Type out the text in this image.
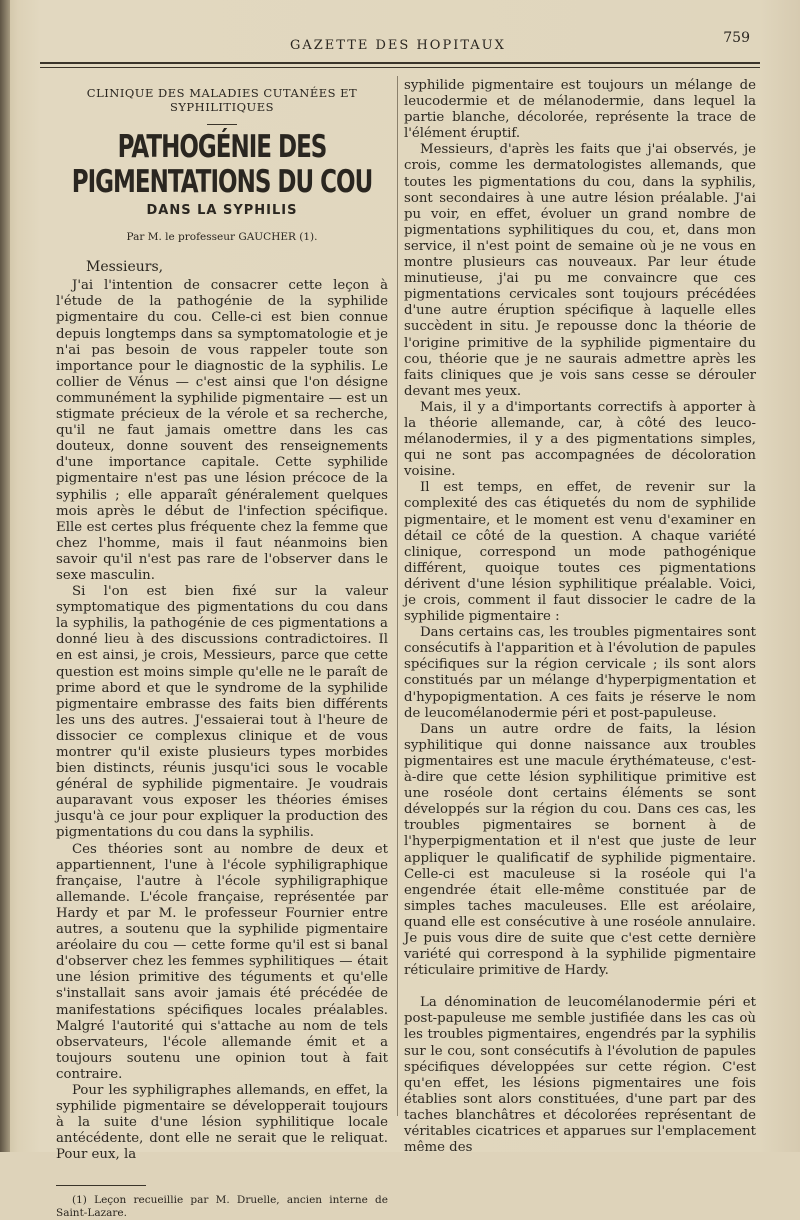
GAZETTE DES HOPITAUX	759
CLINIQUE DES MALADIES CUTANÉES ET SYPHILITIQUES
PATHOGÉNIE DES PIGMENTATIONS DU COU
DANS LA SYPHILIS
Par M. le professeur GAUCHER (1).
Messieurs,

J'ai l'intention de consacrer cette leçon à l'étude de la pathogénie de la syphilide pigmentaire du cou. Celle-ci est bien connue depuis longtemps dans sa symptomatologie et je n'ai pas besoin de vous rappeler toute son importance pour le diagnostic de la syphilis. Le collier de Vénus — c'est ainsi que l'on désigne communément la syphilide pigmentaire — est un stigmate précieux de la vérole et sa recherche, qu'il ne faut jamais omettre dans les cas douteux, donne souvent des renseignements d'une importance capitale. Cette syphilide pigmentaire n'est pas une lésion précoce de la syphilis ; elle apparaît généralement quelques mois après le début de l'infection spécifique. Elle est certes plus fréquente chez la femme que chez l'homme, mais il faut néanmoins bien savoir qu'il n'est pas rare de l'observer dans le sexe masculin.

Si l'on est bien fixé sur la valeur symptomatique des pigmentations du cou dans la syphilis, la pathogénie de ces pigmentations a donné lieu à des discussions contradictoires. Il en est ainsi, je crois, Messieurs, parce que cette question est moins simple qu'elle ne le paraît de prime abord et que le syndrome de la syphilide pigmentaire embrasse des faits bien différents les uns des autres. J'essaierai tout à l'heure de dissocier ce complexus clinique et de vous montrer qu'il existe plusieurs types morbides bien distincts, réunis jusqu'ici sous le vocable général de syphilide pigmentaire. Je voudrais auparavant vous exposer les théories émises jusqu'à ce jour pour expliquer la production des pigmentations du cou dans la syphilis.

Ces théories sont au nombre de deux et appartiennent, l'une à l'école syphiligraphique française, l'autre à l'école syphiligraphique allemande. L'école française, représentée par Hardy et par M. le professeur Fournier entre autres, a soutenu que la syphilide pigmentaire aréolaire du cou — cette forme qu'il est si banal d'observer chez les femmes syphilitiques — était une lésion primitive des téguments et qu'elle s'installait sans avoir jamais été précédée de manifestations spécifiques locales préalables. Malgré l'autorité qui s'attache au nom de tels observateurs, l'école allemande émit et a toujours soutenu une opinion tout à fait contraire.

Pour les syphiligraphes allemands, en effet, la syphilide pigmentaire se développerait toujours à la suite d'une lésion syphilitique locale antécédente, dont elle ne serait que le reliquat. Pour eux, la

(1) Leçon recueillie par M. Druelle, ancien interne de Saint-Lazare.

syphilide pigmentaire est toujours un mélange de leucodermie et de mélanodermie, dans lequel la partie blanche, décolorée, représente la trace de l'élément éruptif.

Messieurs, d'après les faits que j'ai observés, je crois, comme les dermatologistes allemands, que toutes les pigmentations du cou, dans la syphilis, sont secondaires à une autre lésion préalable. J'ai pu voir, en effet, évoluer un grand nombre de pigmentations syphilitiques du cou, et, dans mon service, il n'est point de semaine où je ne vous en montre plusieurs cas nouveaux. Par leur étude minutieuse, j'ai pu me convaincre que ces pigmentations cervicales sont toujours précédées d'une autre éruption spécifique à laquelle elles succèdent in situ. Je repousse donc la théorie de l'origine primitive de la syphilide pigmentaire du cou, théorie que je ne saurais admettre après les faits cliniques que je vois sans cesse se dérouler devant mes yeux.

Mais, il y a d'importants correctifs à apporter à la théorie allemande, car, à côté des leuco-mélanodermies, il y a des pigmentations simples, qui ne sont pas accompagnées de décoloration voisine.

Il est temps, en effet, de revenir sur la complexité des cas étiquetés du nom de syphilide pigmentaire, et le moment est venu d'examiner en détail ce côté de la question. A chaque variété clinique, correspond un mode pathogénique différent, quoique toutes ces pigmentations dérivent d'une lésion syphilitique préalable. Voici, je crois, comment il faut dissocier le cadre de la syphilide pigmentaire :

Dans certains cas, les troubles pigmentaires sont consécutifs à l'apparition et à l'évolution de papules spécifiques sur la région cervicale ; ils sont alors constitués par un mélange d'hyperpigmentation et d'hypopigmentation. A ces faits je réserve le nom de leucomélanodermie péri et post-papuleuse.

Dans un autre ordre de faits, la lésion syphilitique qui donne naissance aux troubles pigmentaires est une macule érythémateuse, c'est-à-dire que cette lésion syphilitique primitive est une roséole dont certains éléments se sont développés sur la région du cou. Dans ces cas, les troubles pigmentaires se bornent à de l'hyperpigmentation et il n'est que juste de leur appliquer le qualificatif de syphilide pigmentaire. Celle-ci est maculeuse si la roséole qui l'a engendrée était elle-même constituée par de simples taches maculeuses. Elle est aréolaire, quand elle est consécutive à une roséole annulaire. Je puis vous dire de suite que c'est cette dernière variété qui correspond à la syphilide pigmentaire réticulaire primitive de Hardy.

La dénomination de leucomélanodermie péri et post-papuleuse me semble justifiée dans les cas où les troubles pigmentaires, engendrés par la syphilis sur le cou, sont consécutifs à l'évolution de papules spécifiques développées sur cette région. C'est qu'en effet, les lésions pigmentaires une fois établies sont alors constituées, d'une part par des taches blanchâtres et décolorées représentant de véritables cicatrices et apparues sur l'emplacement même des
